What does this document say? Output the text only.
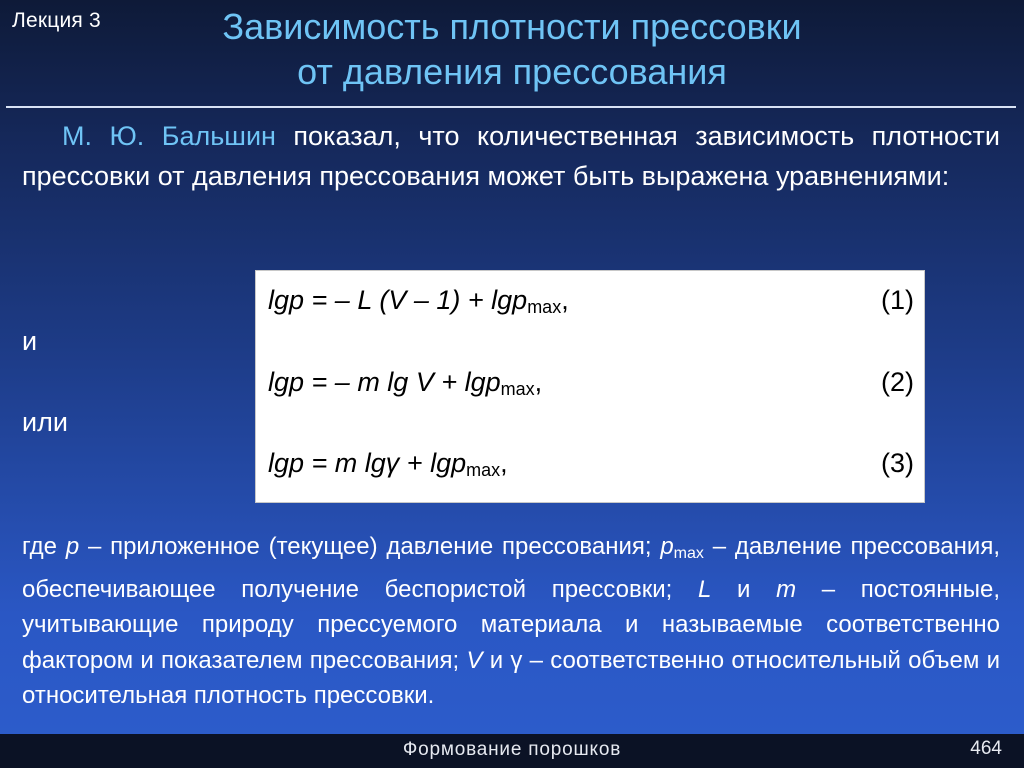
Лекция 3	Зависимость плотности прессовки
от давления прессования
М. Ю. Бальшин показал, что количественная зависимость плотности прессовки от давления прессования может быть выражена уравнениями:
и
или
lgp = – L (V – 1) + lgp$_{max}$,	(1)
lgp = – m lg V + lgp$_{max}$,	(2)
lgp = m lgγ + lgp$_{max}$,	(3)
где p – приложенное (текущее) давление прессования; $p_{max}$ – давление прессования, обеспечивающее получение беспористой прессовки; L и m – постоянные, учитывающие природу прессуемого материала и называемые соответственно фактором и показателем прессования; V и γ – соответственно относительный объем и относительная плотность прессовки.
Формование порошков	464
